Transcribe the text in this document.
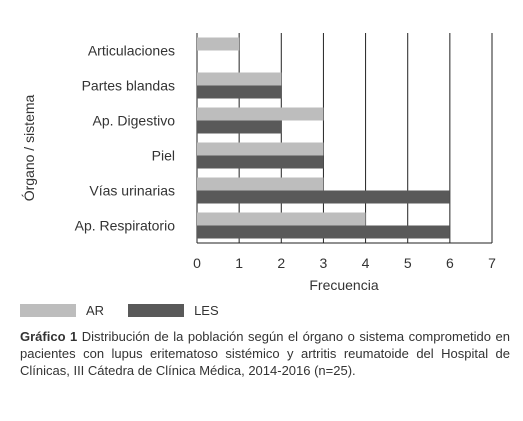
Articulaciones
Partes blandas
Ap. Digestivo
Piel
Vías urinarias
Ap. Respiratorio
0 1 2 3 4 5 6 7
Frecuencia
Órgano / sistema
AR	LES
Gráfico 1 Distribución de la población según el órgano o sistema comprometido en pacientes con lupus eritematoso sistémico y artritis reumatoide del Hospital de Clínicas, III Cátedra de Clínica Médica, 2014-2016 (n=25).
